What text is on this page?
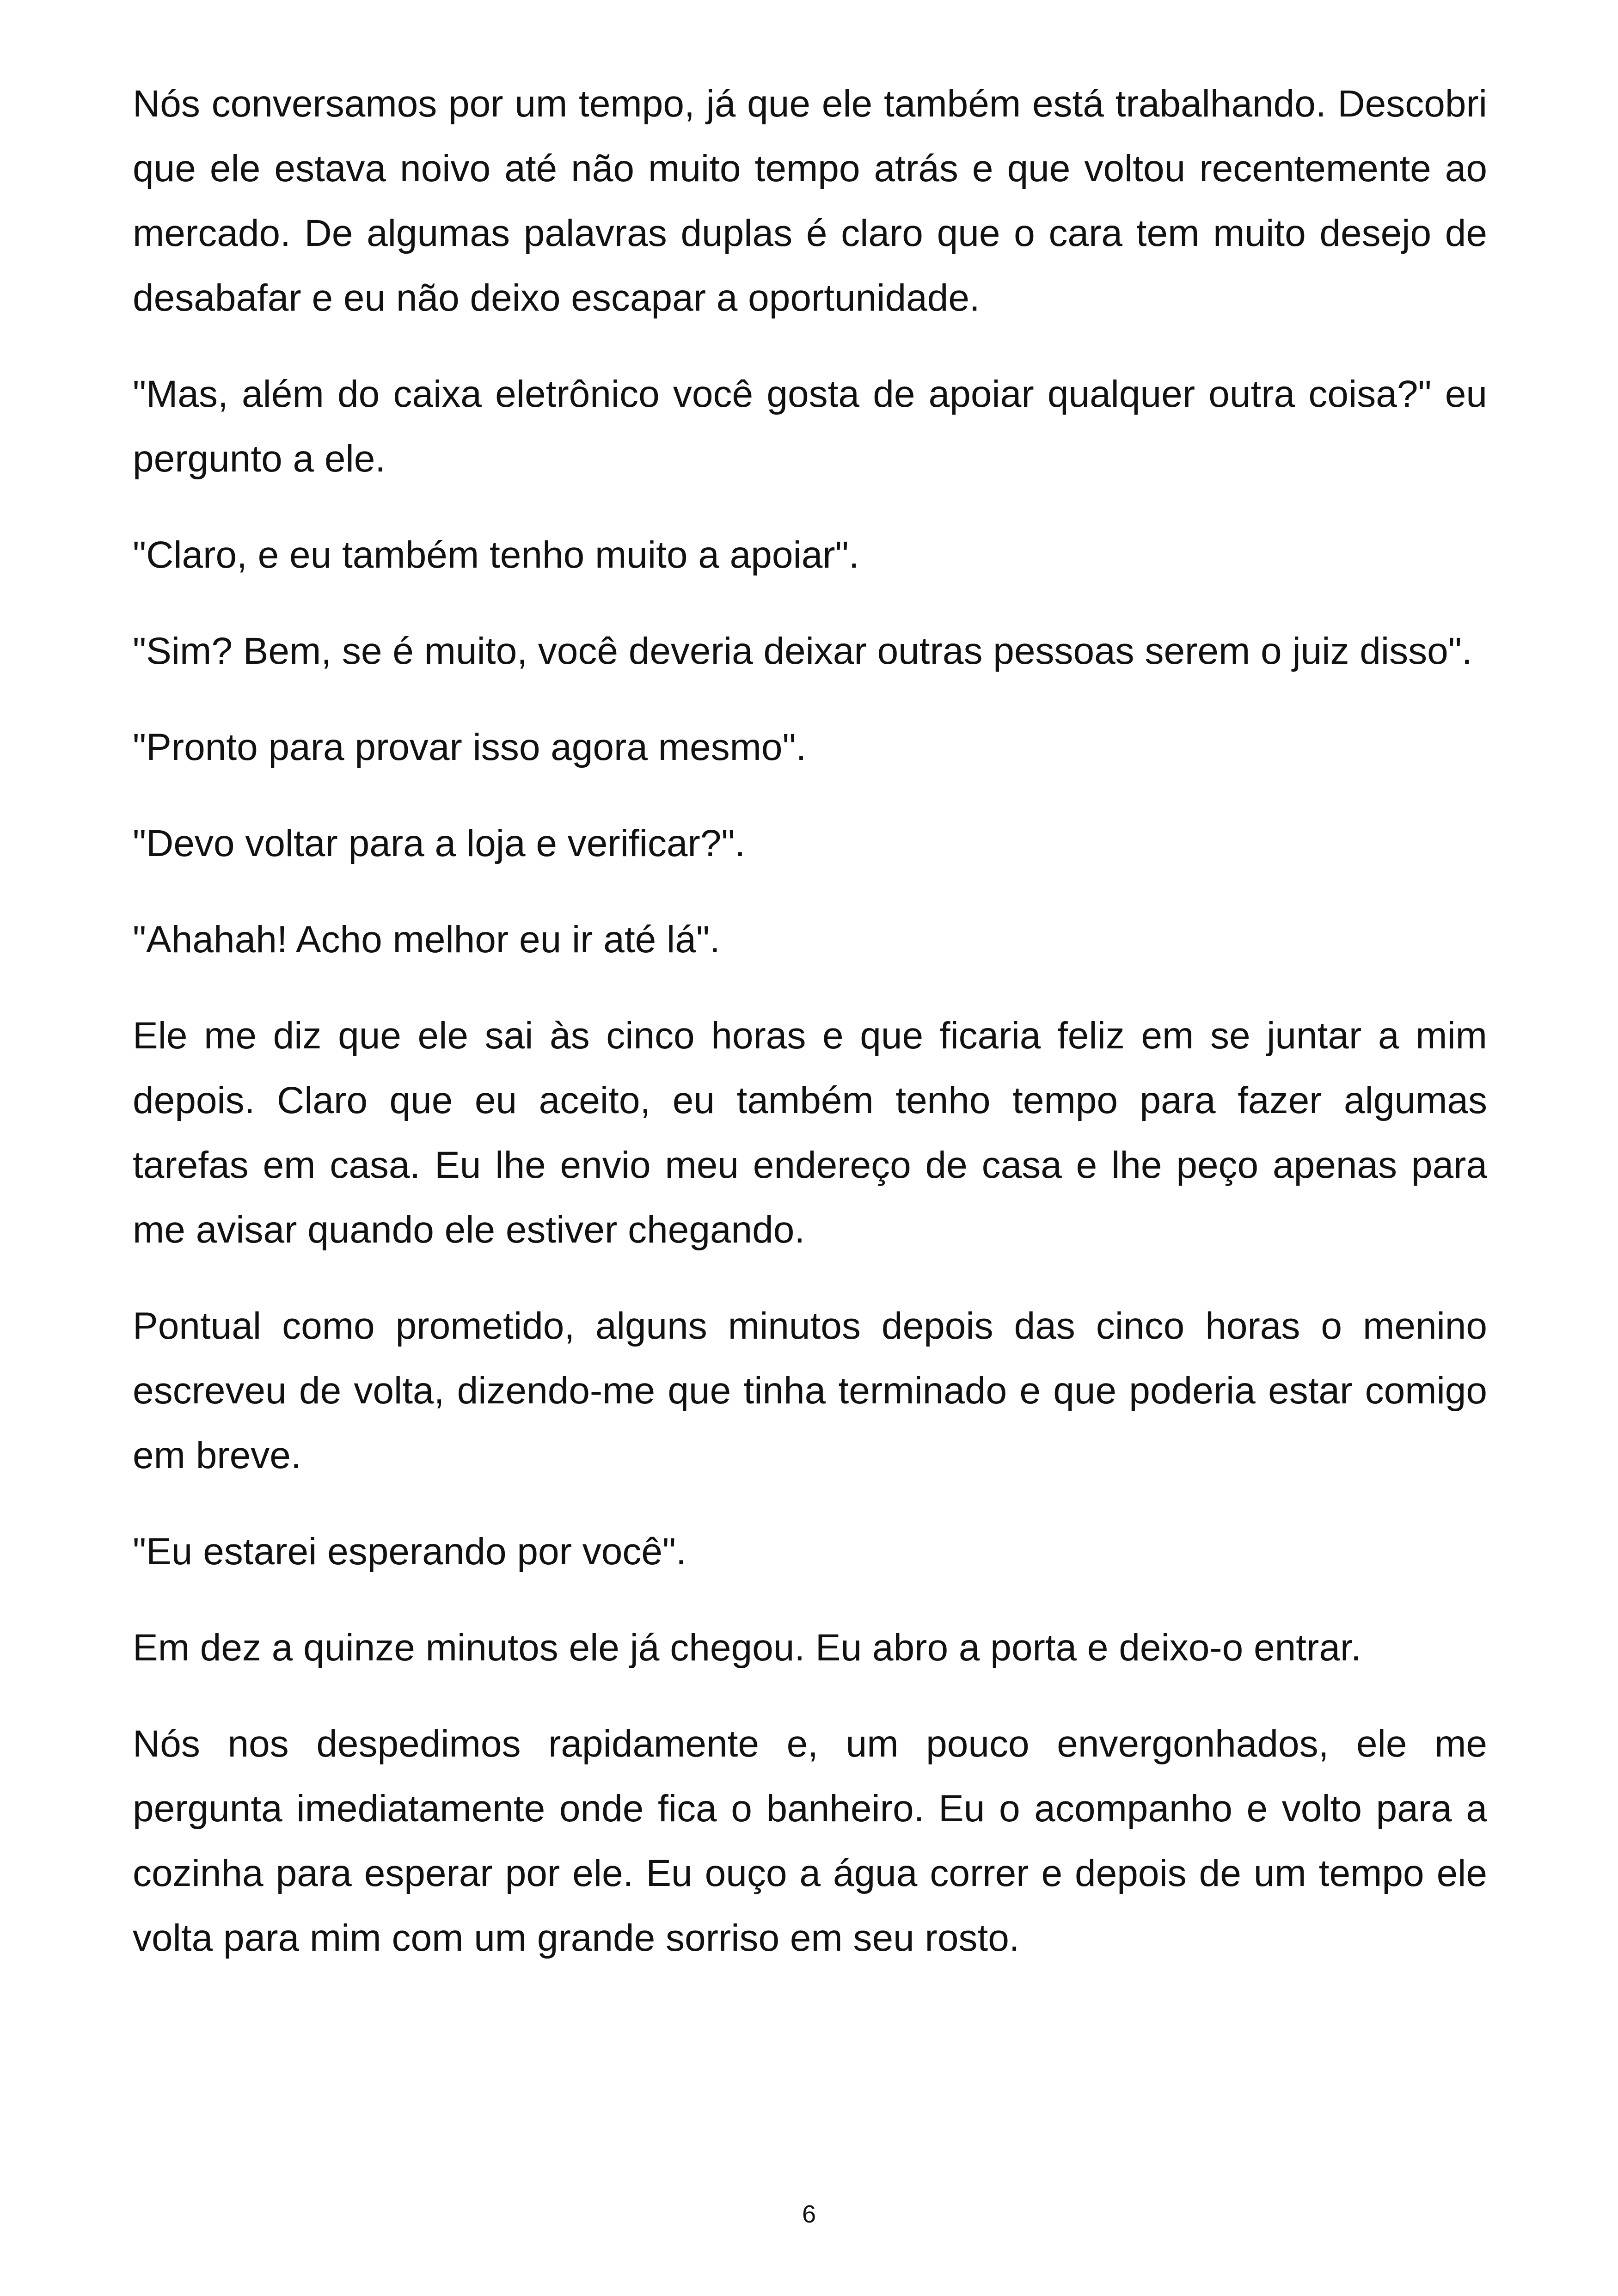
Nós conversamos por um tempo, já que ele também está trabalhando. Descobri que ele estava noivo até não muito tempo atrás e que voltou recentemente ao mercado. De algumas palavras duplas é claro que o cara tem muito desejo de desabafar e eu não deixo escapar a oportunidade.

"Mas, além do caixa eletrônico você gosta de apoiar qualquer outra coisa?" eu pergunto a ele.

"Claro, e eu também tenho muito a apoiar".

"Sim? Bem, se é muito, você deveria deixar outras pessoas serem o juiz disso".

"Pronto para provar isso agora mesmo".

"Devo voltar para a loja e verificar?".

"Ahahah! Acho melhor eu ir até lá".

Ele me diz que ele sai às cinco horas e que ficaria feliz em se juntar a mim depois. Claro que eu aceito, eu também tenho tempo para fazer algumas tarefas em casa. Eu lhe envio meu endereço de casa e lhe peço apenas para me avisar quando ele estiver chegando.

Pontual como prometido, alguns minutos depois das cinco horas o menino escreveu de volta, dizendo-me que tinha terminado e que poderia estar comigo em breve.

"Eu estarei esperando por você".

Em dez a quinze minutos ele já chegou. Eu abro a porta e deixo-o entrar.

Nós nos despedimos rapidamente e, um pouco envergonhados, ele me pergunta imediatamente onde fica o banheiro. Eu o acompanho e volto para a cozinha para esperar por ele. Eu ouço a água correr e depois de um tempo ele volta para mim com um grande sorriso em seu rosto.

6
